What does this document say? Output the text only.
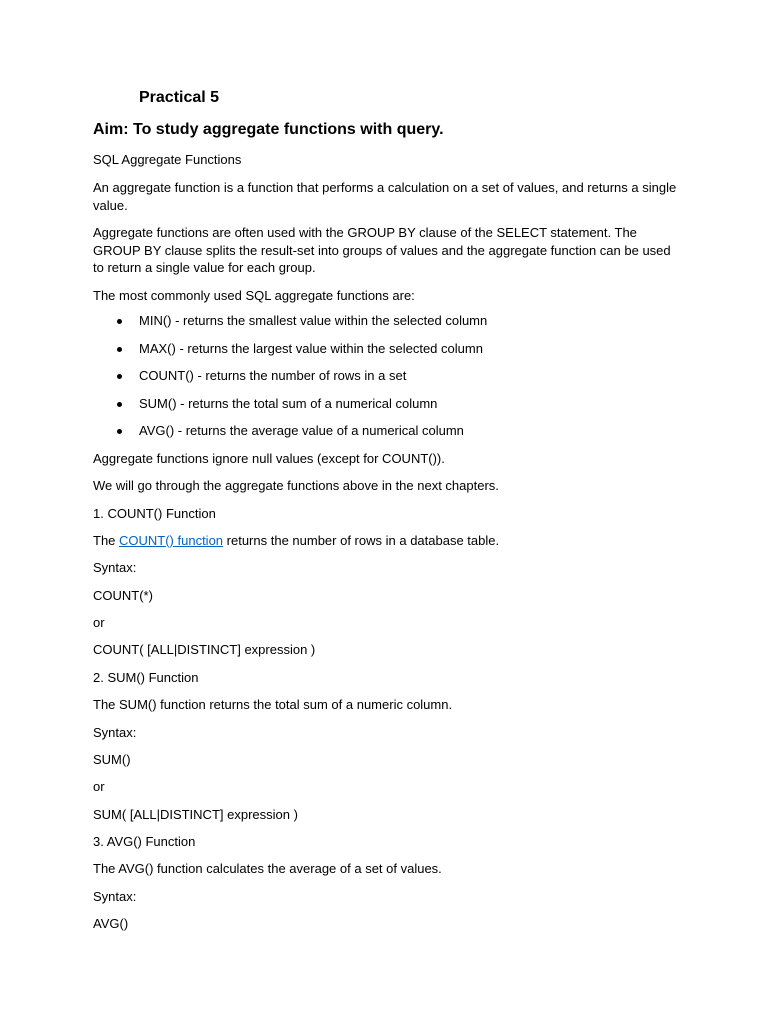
Practical 5
Aim: To study aggregate functions with query.
SQL Aggregate Functions
An aggregate function is a function that performs a calculation on a set of values, and returns a single value.
Aggregate functions are often used with the GROUP BY clause of the SELECT statement. The GROUP BY clause splits the result-set into groups of values and the aggregate function can be used to return a single value for each group.
The most commonly used SQL aggregate functions are:
MIN() - returns the smallest value within the selected column
MAX() - returns the largest value within the selected column
COUNT() - returns the number of rows in a set
SUM() - returns the total sum of a numerical column
AVG() - returns the average value of a numerical column
Aggregate functions ignore null values (except for COUNT()).
We will go through the aggregate functions above in the next chapters.
1. COUNT() Function
The COUNT() function returns the number of rows in a database table.
Syntax:
COUNT(*)
or
COUNT( [ALL|DISTINCT] expression )
2. SUM() Function
The SUM() function returns the total sum of a numeric column.
Syntax:
SUM()
or
SUM( [ALL|DISTINCT] expression )
3. AVG() Function
The AVG() function calculates the average of a set of values.
Syntax:
AVG()
